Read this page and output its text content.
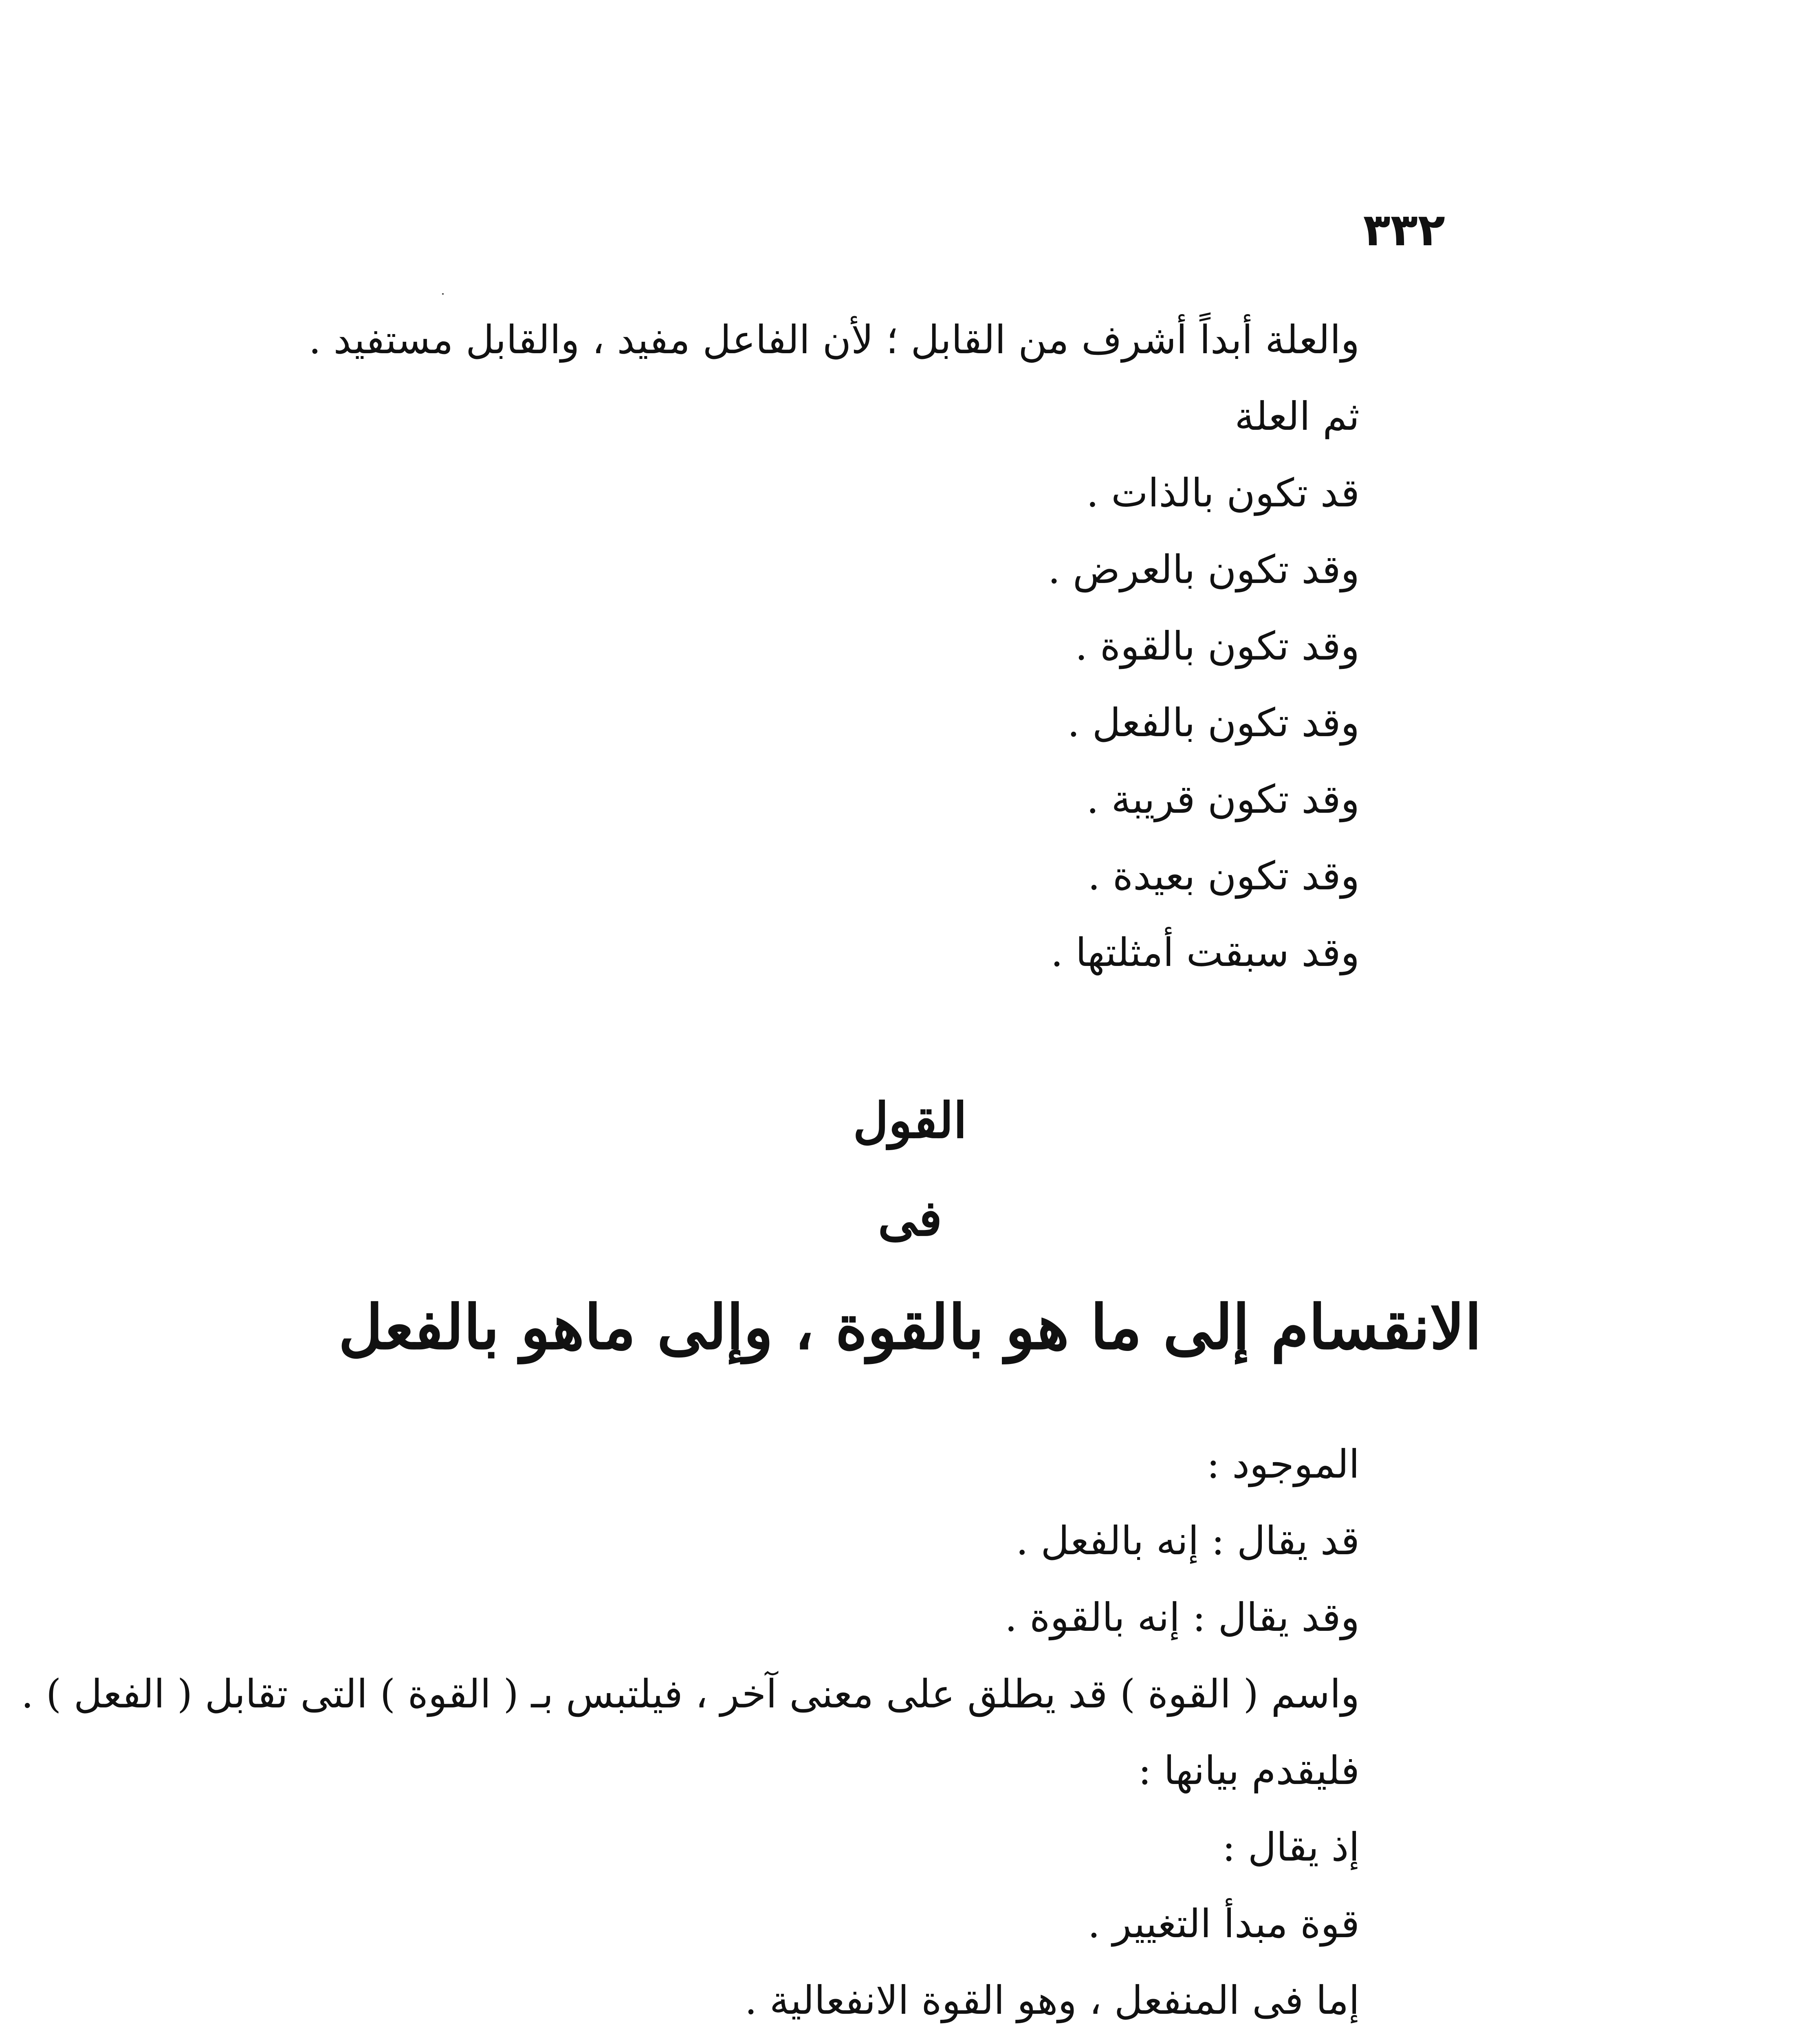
٣٣٢
والعلة أبداً أشرف من القابل ؛ لأن الفاعل مفيد ، والقابل مستفيد .
ثم العلة
قد تكون بالذات .
وقد تكون بالعرض .
وقد تكون بالقوة .
وقد تكون بالفعل .
وقد تكون قريبة .
وقد تكون بعيدة .
وقد سبقت أمثلتها .
القول
فى
الانقسام إلى ما هو بالقوة ، وإلى ماهو بالفعل
الموجود :
قد يقال : إنه بالفعل .
وقد يقال : إنه بالقوة .
واسم ( القوة ) قد يطلق على معنى آخر ، فيلتبس بـ ( القوة ) التى تقابل ( الفعل ) .
فليقدم بيانها :
إذ يقال :
قوة مبدأ التغيير .
إما فى المنفعل ، وهو القوة الانفعالية .
